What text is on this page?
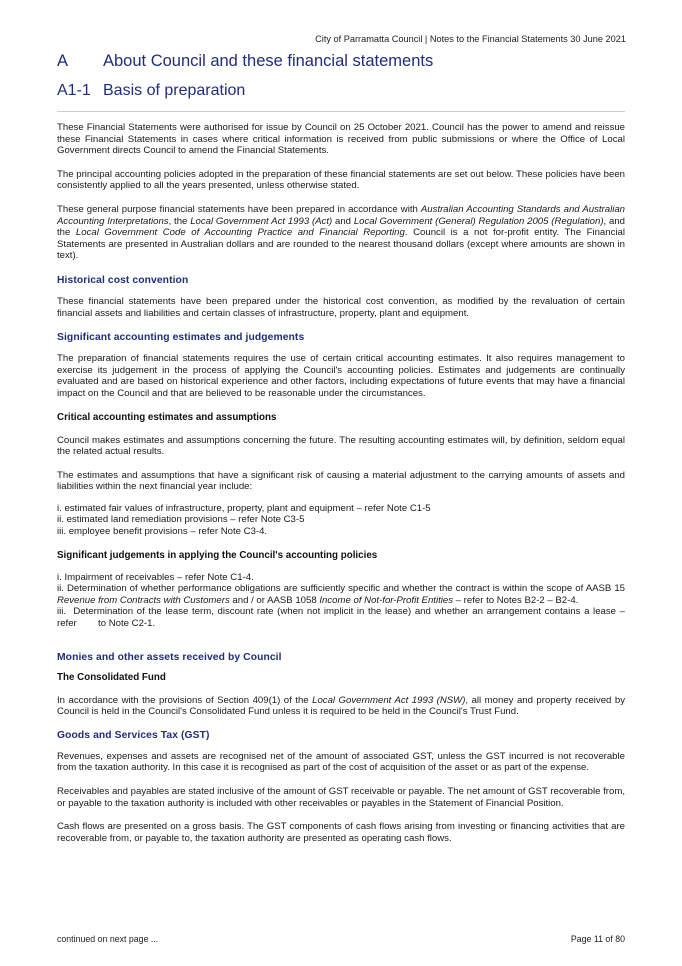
City of Parramatta Council | Notes to the Financial Statements 30 June 2021
A About Council and these financial statements
A1-1 Basis of preparation

These Financial Statements were authorised for issue by Council on 25 October 2021. Council has the power to amend and reissue these Financial Statements in cases where critical information is received from public submissions or where the Office of Local Government directs Council to amend the Financial Statements.

The principal accounting policies adopted in the preparation of these financial statements are set out below. These policies have been consistently applied to all the years presented, unless otherwise stated.

These general purpose financial statements have been prepared in accordance with Australian Accounting Standards and Australian Accounting Interpretations, the Local Government Act 1993 (Act) and Local Government (General) Regulation 2005 (Regulation), and the Local Government Code of Accounting Practice and Financial Reporting. Council is a not for-profit entity. The Financial Statements are presented in Australian dollars and are rounded to the nearest thousand dollars (except where amounts are shown in text).

Historical cost convention

These financial statements have been prepared under the historical cost convention, as modified by the revaluation of certain financial assets and liabilities and certain classes of infrastructure, property, plant and equipment.

Significant accounting estimates and judgements

The preparation of financial statements requires the use of certain critical accounting estimates. It also requires management to exercise its judgement in the process of applying the Council's accounting policies. Estimates and judgements are continually evaluated and are based on historical experience and other factors, including expectations of future events that may have a financial impact on the Council and that are believed to be reasonable under the circumstances.

Critical accounting estimates and assumptions

Council makes estimates and assumptions concerning the future. The resulting accounting estimates will, by definition, seldom equal the related actual results.

The estimates and assumptions that have a significant risk of causing a material adjustment to the carrying amounts of assets and liabilities within the next financial year include:

i. estimated fair values of infrastructure, property, plant and equipment – refer Note C1-5
ii. estimated land remediation provisions – refer Note C3-5
iii. employee benefit provisions – refer Note C3-4.
Significant judgements in applying the Council's accounting policies
i. Impairment of receivables – refer Note C1-4.
ii. Determination of whether performance obligations are sufficiently specific and whether the contract is within the scope of AASB 15 Revenue from Contracts with Customers and / or AASB 1058 Income of Not-for-Profit Entities – refer to Notes B2-2 – B2-4.
iii.  Determination of the lease term, discount rate (when not implicit in the lease) and whether an arrangement contains a lease – refer        to Note C2-1.
Monies and other assets received by Council
The Consolidated Fund

In accordance with the provisions of Section 409(1) of the Local Government Act 1993 (NSW), all money and property received by Council is held in the Council's Consolidated Fund unless it is required to be held in the Council's Trust Fund.

Goods and Services Tax (GST)

Revenues, expenses and assets are recognised net of the amount of associated GST, unless the GST incurred is not recoverable from the taxation authority. In this case it is recognised as part of the cost of acquisition of the asset or as part of the expense.

Receivables and payables are stated inclusive of the amount of GST receivable or payable. The net amount of GST recoverable from, or payable to the taxation authority is included with other receivables or payables in the Statement of Financial Position.

Cash flows are presented on a gross basis. The GST components of cash flows arising from investing or financing activities that are recoverable from, or payable to, the taxation authority are presented as operating cash flows.

continued on next page ...	Page 11 of 80
